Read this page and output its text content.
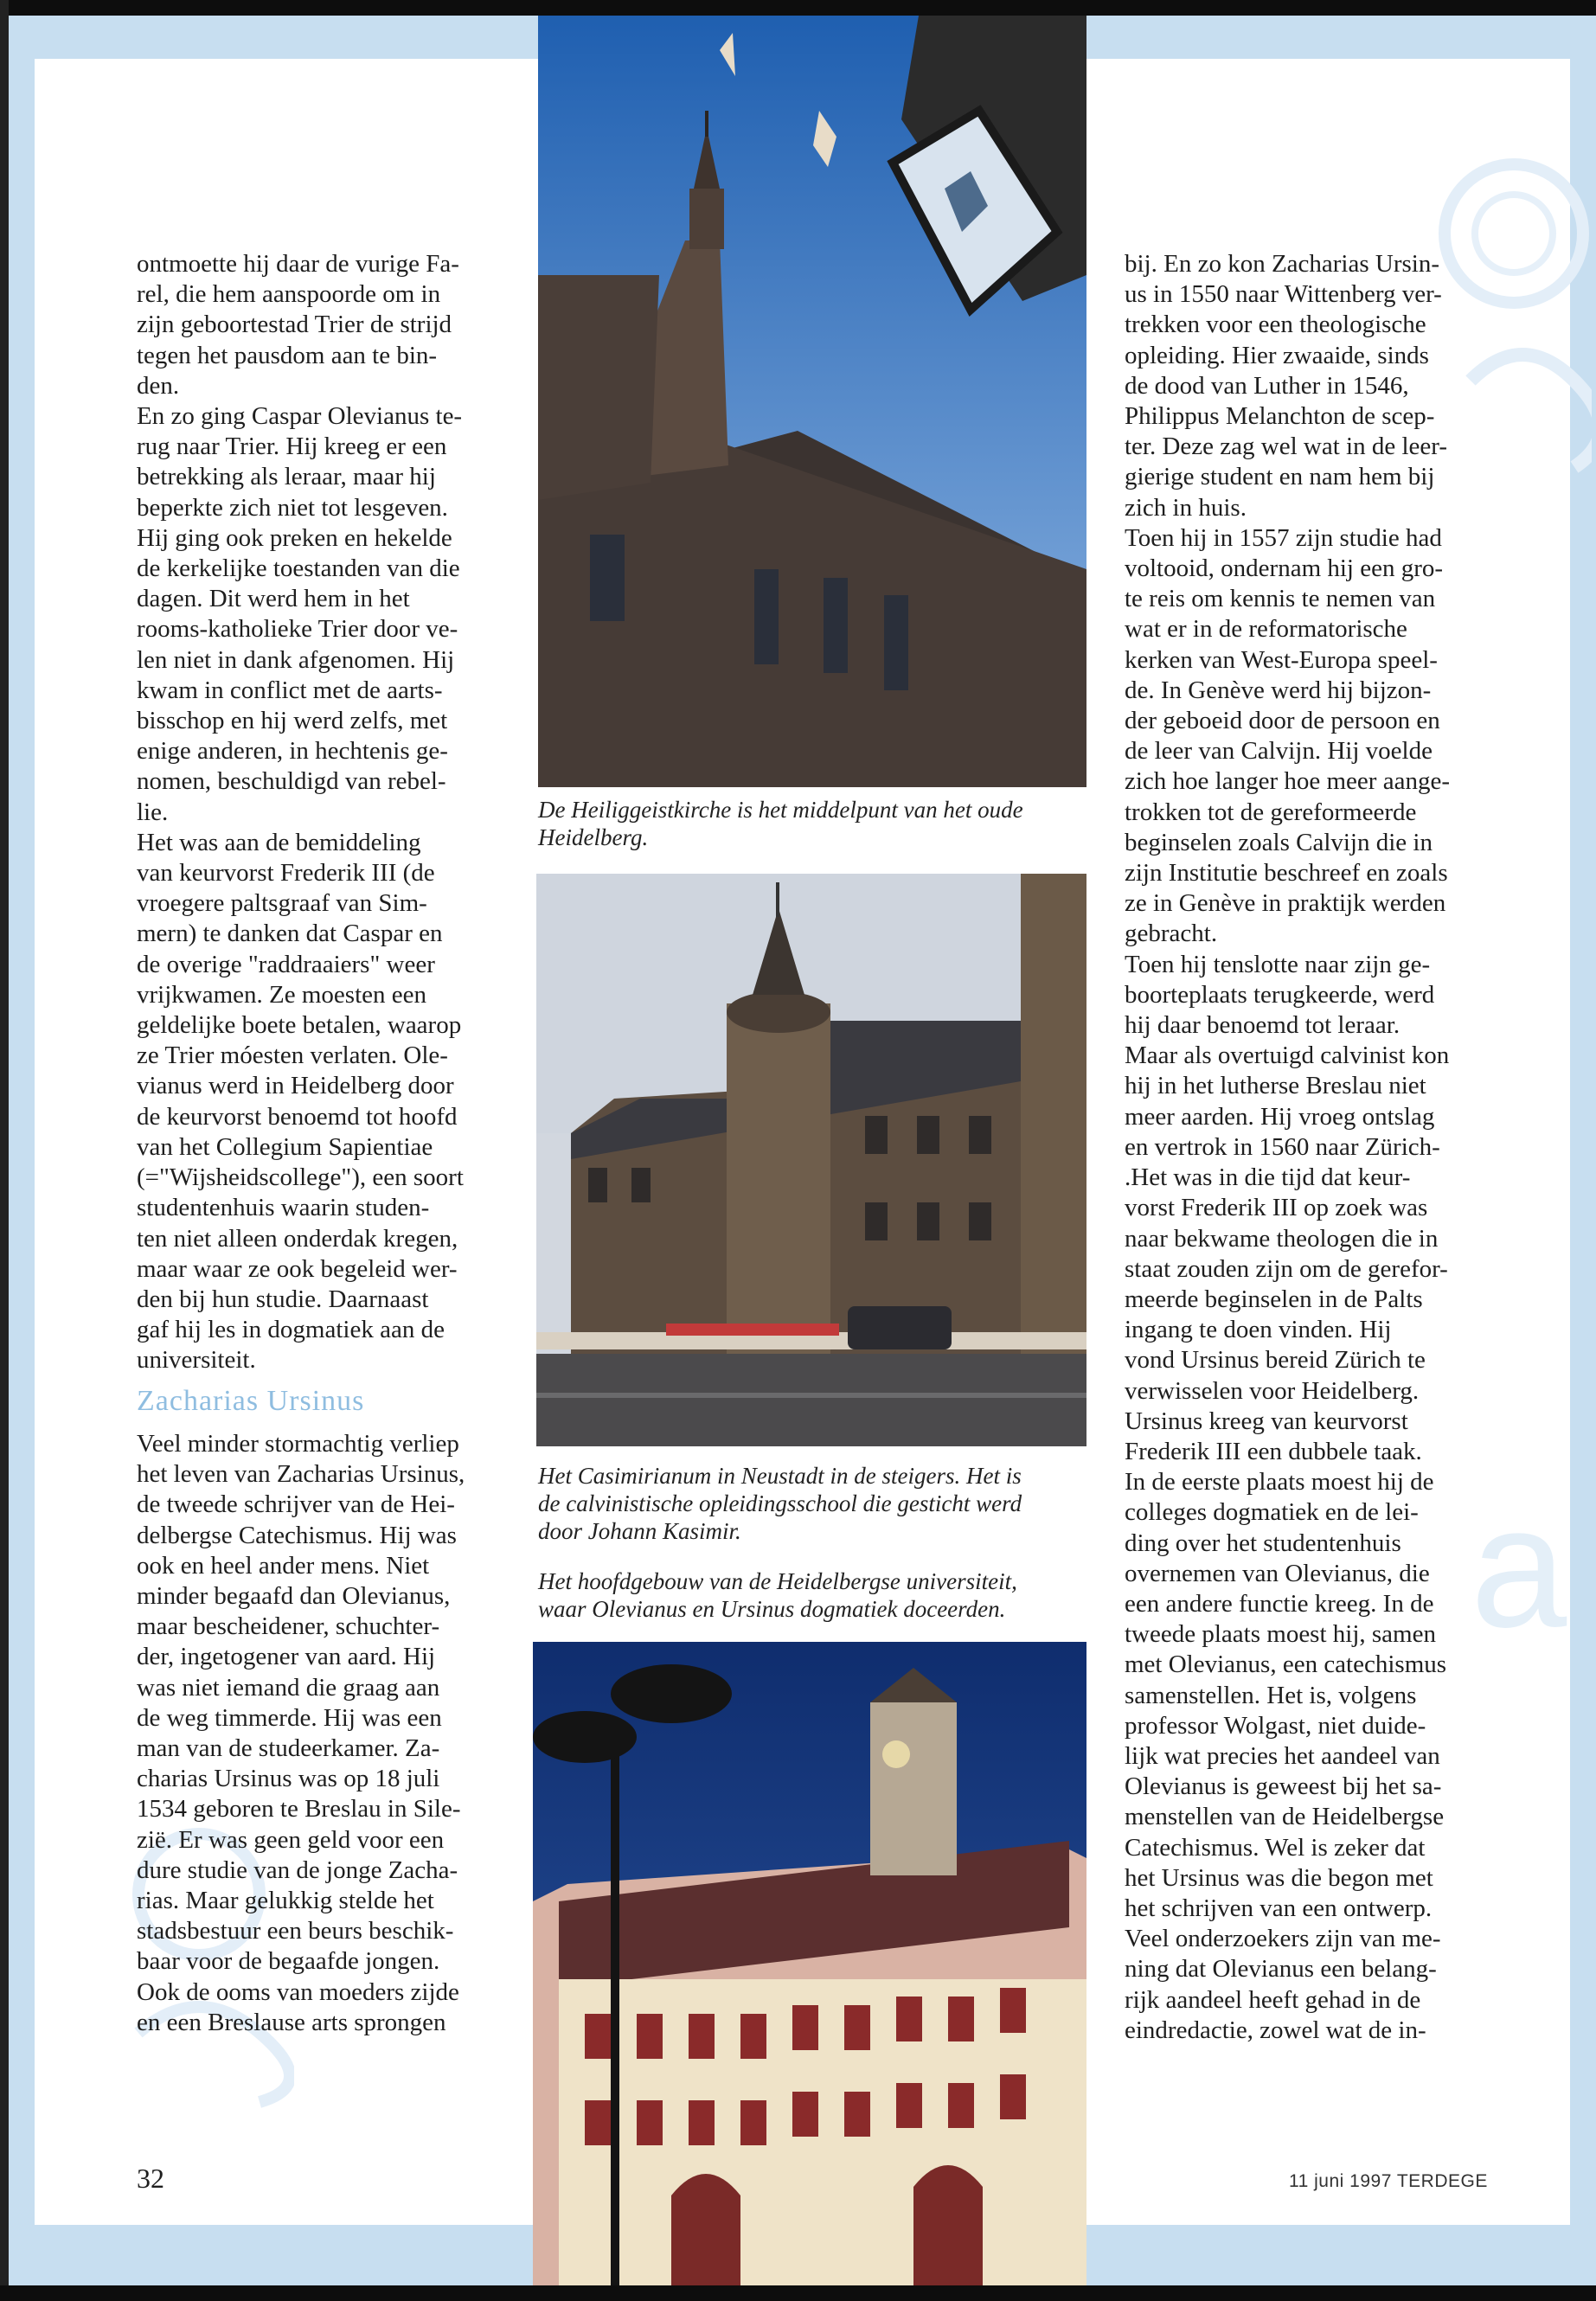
a
ontmoette hij daar de vurige Fa-
rel, die hem aanspoorde om in
zijn geboortestad Trier de strijd
tegen het pausdom aan te bin-
den.
En zo ging Caspar Olevianus te-
rug naar Trier. Hij kreeg er een
betrekking als leraar, maar hij
beperkte zich niet tot lesgeven.
Hij ging ook preken en hekelde
de kerkelijke toestanden van die
dagen. Dit werd hem in het
rooms-katholieke Trier door ve-
len niet in dank afgenomen. Hij
kwam in conflict met de aarts-
bisschop en hij werd zelfs, met
enige anderen, in hechtenis ge-
nomen, beschuldigd van rebel-
lie.
Het was aan de bemiddeling
van keurvorst Frederik III (de
vroegere paltsgraaf van Sim-
mern) te danken dat Caspar en
de overige "raddraaiers" weer
vrijkwamen. Ze moesten een
geldelijke boete betalen, waarop
ze Trier móesten verlaten. Ole-
vianus werd in Heidelberg door
de keurvorst benoemd tot hoofd
van het Collegium Sapientiae
(="Wijsheidscollege"), een soort
studentenhuis waarin studen-
ten niet alleen onderdak kregen,
maar waar ze ook begeleid wer-
den bij hun studie. Daarnaast
gaf hij les in dogmatiek aan de
universiteit.
Zacharias Ursinus
Veel minder stormachtig verliep
het leven van Zacharias Ursinus,
de tweede schrijver van de Hei-
delbergse Catechismus. Hij was
ook en heel ander mens. Niet
minder begaafd dan Olevianus,
maar bescheidener, schuchter-
der, ingetogener van aard. Hij
was niet iemand die graag aan
de weg timmerde. Hij was een
man van de studeerkamer. Za-
charias Ursinus was op 18 juli
1534 geboren te Breslau in Sile-
zië. Er was geen geld voor een
dure studie van de jonge Zacha-
rias. Maar gelukkig stelde het
stadsbestuur een beurs beschik-
baar voor de begaafde jongen.
Ook de ooms van moeders zijde
en een Breslause arts sprongen
bij. En zo kon Zacharias Ursin-
us in 1550 naar Wittenberg ver-
trekken voor een theologische
opleiding. Hier zwaaide, sinds
de dood van Luther in 1546,
Philippus Melanchton de scep-
ter. Deze zag wel wat in de leer-
gierige student en nam hem bij
zich in huis.
Toen hij in 1557 zijn studie had
voltooid, ondernam hij een gro-
te reis om kennis te nemen van
wat er in de reformatorische
kerken van West-Europa speel-
de. In Genève werd hij bijzon-
der geboeid door de persoon en
de leer van Calvijn. Hij voelde
zich hoe langer hoe meer aange-
trokken tot de gereformeerde
beginselen zoals Calvijn die in
zijn Institutie beschreef en zoals
ze in Genève in praktijk werden
gebracht.
Toen hij tenslotte naar zijn ge-
boorteplaats terugkeerde, werd
hij daar benoemd tot leraar.
Maar als overtuigd calvinist kon
hij in het lutherse Breslau niet
meer aarden. Hij vroeg ontslag
en vertrok in 1560 naar Zürich-
.Het was in die tijd dat keur-
vorst Frederik III op zoek was
naar bekwame theologen die in
staat zouden zijn om de gerefor-
meerde beginselen in de Palts
ingang te doen vinden. Hij
vond Ursinus bereid Zürich te
verwisselen voor Heidelberg.
Ursinus kreeg van keurvorst
Frederik III een dubbele taak.
In de eerste plaats moest hij de
colleges dogmatiek en de lei-
ding over het studentenhuis
overnemen van Olevianus, die
een andere functie kreeg. In de
tweede plaats moest hij, samen
met Olevianus, een catechismus
samenstellen. Het is, volgens
professor Wolgast, niet duide-
lijk wat precies het aandeel van
Olevianus is geweest bij het sa-
menstellen van de Heidelbergse
Catechismus. Wel is zeker dat
het Ursinus was die begon met
het schrijven van een ontwerp.
Veel onderzoekers zijn van me-
ning dat Olevianus een belang-
rijk aandeel heeft gehad in de
eindredactie, zowel wat de in-

De Heiliggeistkirche is het middelpunt van het oude
Heidelberg.

Het Casimirianum in Neustadt in de steigers. Het is
de calvinistische opleidingsschool die gesticht werd
door Johann Kasimir.

Het hoofdgebouw van de Heidelbergse universiteit,
waar Olevianus en Ursinus dogmatiek doceerden.

32	11 juni 1997 TERDEGE
